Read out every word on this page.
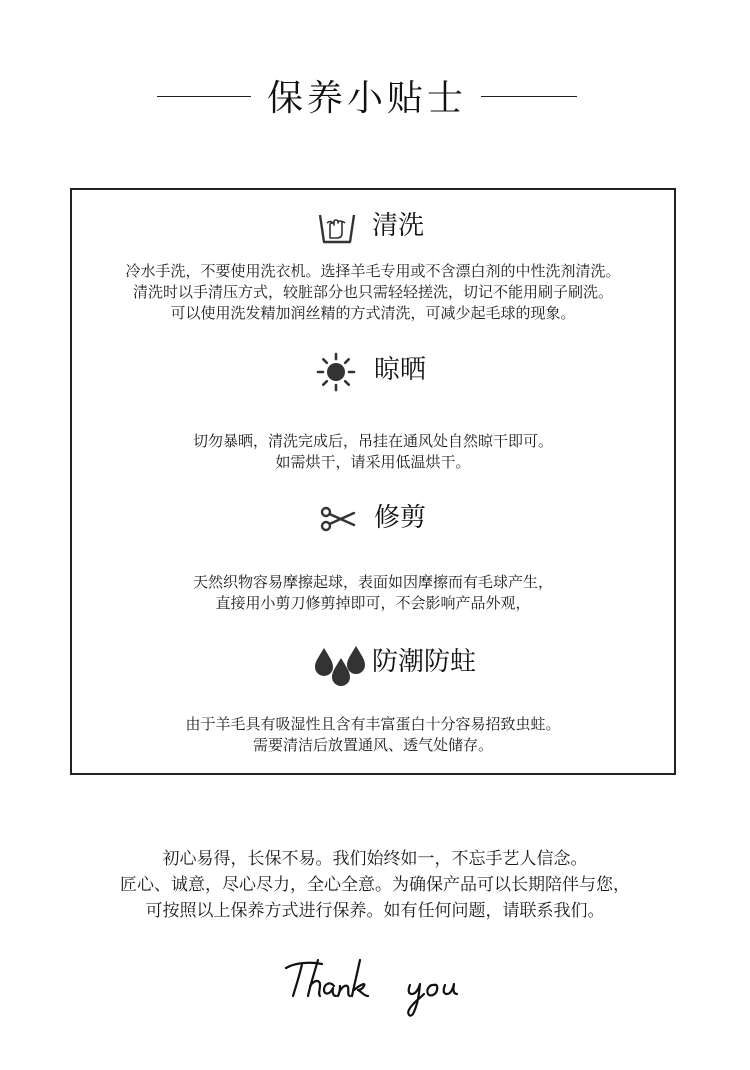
保养小贴士
清洗
冷水手洗，不要使用洗衣机。选择羊毛专用或不含漂白剂的中性洗剂清洗。
清洗时以手清压方式，较脏部分也只需轻轻搓洗，切记不能用刷子刷洗。
可以使用洗发精加润丝精的方式清洗，可减少起毛球的现象。
晾晒
切勿暴晒，清洗完成后，吊挂在通风处自然晾干即可。
如需烘干，请采用低温烘干。
修剪
天然织物容易摩擦起球，表面如因摩擦而有毛球产生，
直接用小剪刀修剪掉即可，不会影响产品外观，
防潮防蛀
由于羊毛具有吸湿性且含有丰富蛋白十分容易招致虫蛀。
需要清洁后放置通风、透气处储存。
初心易得，长保不易。我们始终如一，不忘手艺人信念。
匠心、诚意，尽心尽力，全心全意。为确保产品可以长期陪伴与您，
可按照以上保养方式进行保养。如有任何问题，请联系我们。
